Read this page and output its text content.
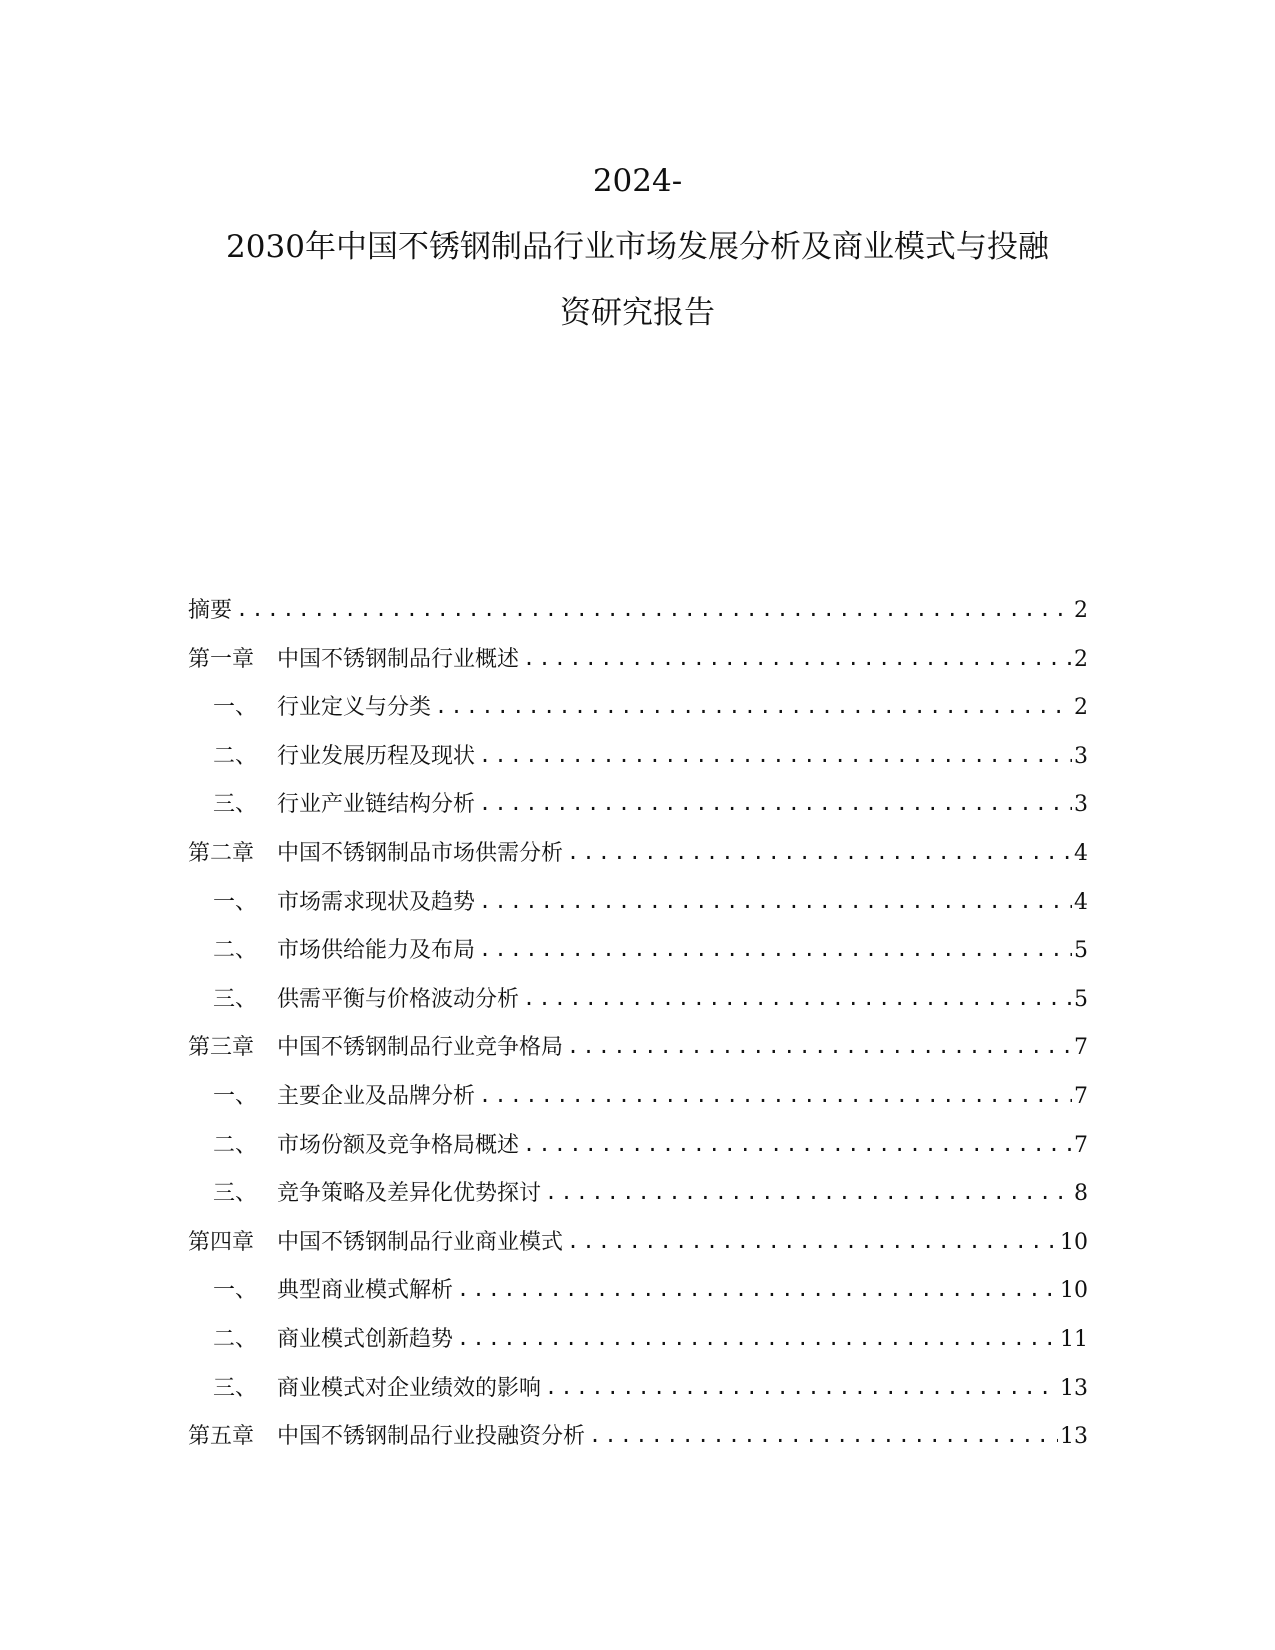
2024-
2030年中国不锈钢制品行业市场发展分析及商业模式与投融
资研究报告
摘要 .....	2
第一章 中国不锈钢制品行业概述 .....	2
一、 行业定义与分类 .....	2
二、 行业发展历程及现状 .....	3
三、 行业产业链结构分析 .....	3
第二章 中国不锈钢制品市场供需分析 .....	4
一、 市场需求现状及趋势 .....	4
二、 市场供给能力及布局 .....	5
三、 供需平衡与价格波动分析 .....	5
第三章 中国不锈钢制品行业竞争格局 .....	7
一、 主要企业及品牌分析 .....	7
二、 市场份额及竞争格局概述 .....	7
三、 竞争策略及差异化优势探讨 .....	8
第四章 中国不锈钢制品行业商业模式 .....	10
一、 典型商业模式解析 .....	10
二、 商业模式创新趋势 .....	11
三、 商业模式对企业绩效的影响 .....	13
第五章 中国不锈钢制品行业投融资分析 .....	13
